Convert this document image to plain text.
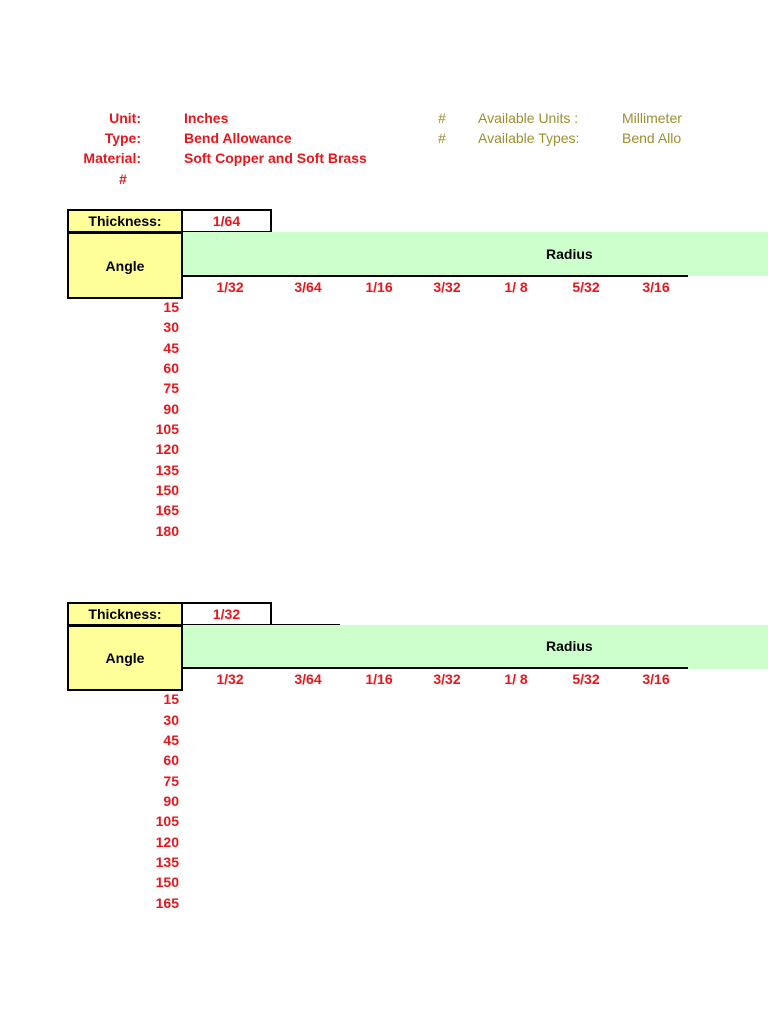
Unit:	Inches
Type:	Bend Allowance
Material:	Soft Copper and Soft Brass
#
# Available Units :	Millimeter
# Available Types:	Bend Allo
Thickness:	1/64
Radius
Angle
1/32	3/64	1/16	3/32	1/ 8	5/32	3/16
15
30
45
60
75
90
105
120
135
150
165
180
Thickness:	1/32
Radius
Angle
1/32	3/64	1/16	3/32	1/ 8	5/32	3/16
15
30
45
60
75
90
105
120
135
150
165
